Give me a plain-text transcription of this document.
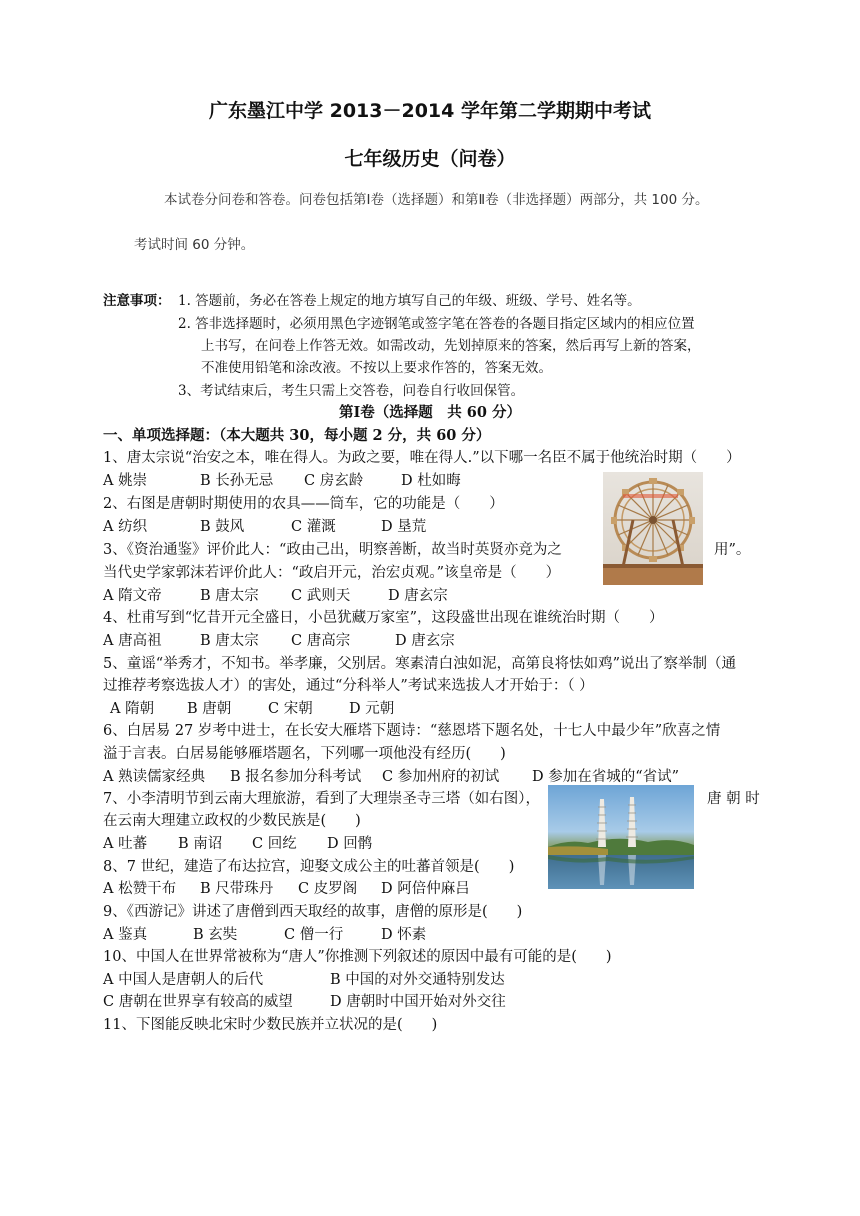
广东墨江中学 2013－2014 学年第二学期期中考试
七年级历史（问卷）
本试卷分问卷和答卷。问卷包括第Ⅰ卷（选择题）和第Ⅱ卷（非选择题）两部分，共 100 分。
考试时间 60 分钟。
注意事项： 1. 答题前，务必在答卷上规定的地方填写自己的年级、班级、学号、姓名等。
2. 答非选择题时，必须用黑色字迹钢笔或签字笔在答卷的各题目指定区域内的相应位置
上书写，在问卷上作答无效。如需改动，先划掉原来的答案，然后再写上新的答案，
不准使用铅笔和涂改液。不按以上要求作答的，答案无效。
3、考试结束后，考生只需上交答卷，问卷自行收回保管。
第Ⅰ卷（选择题　共 60 分）
一、单项选择题：（本大题共 30，每小题 2 分，共 60 分）
1、唐太宗说“治安之本，唯在得人。为政之要，唯在得人.”以下哪一名臣不属于他统治时期（　　）
A 姚崇	B 长孙无忌 C 房玄龄	D 杜如晦
2、右图是唐朝时期使用的农具——筒车，它的功能是（　　）
A 纺织	B 鼓风	C 灌溉	D 垦荒
3、《资治通鉴》评价此人：“政由己出，明察善断，故当时英贤亦竞为之	用”。
当代史学家郭沫若评价此人：“政启开元，治宏贞观。”该皇帝是（　　）
A 隋文帝	B 唐太宗 C 武则天	D 唐玄宗
4、杜甫写到“忆昔开元全盛日，小邑犹藏万家室”，这段盛世出现在谁统治时期（　　）
A 唐高祖	B 唐太宗 C 唐高宗	D 唐玄宗
5、童谣“举秀才，不知书。举孝廉，父别居。寒素清白浊如泥，高第良将怯如鸡”说出了察举制（通
过推荐考察选拔人才）的害处，通过“分科举人”考试来选拔人才开始于：（ ）
A 隋朝 B 唐朝	C 宋朝	D 元朝
6、白居易 27 岁考中进士，在长安大雁塔下题诗：“慈恩塔下题名处，十七人中最少年”欣喜之情
溢于言表。白居易能够雁塔题名，下列哪一项他没有经历(　　)
A 熟读儒家经典 B 报名参加分科考试 C 参加州府的初试 D 参加在省城的“省试”
7、小李清明节到云南大理旅游，看到了大理崇圣寺三塔（如右图），	唐 朝 时
在云南大理建立政权的少数民族是(　　)
A 吐蕃 B 南诏 C 回纥 D 回鹘
8、7 世纪，建造了布达拉宫，迎娶文成公主的吐蕃首领是(　　)
A 松赞干布 B 尺带珠丹 C 皮罗阁 D 阿倍仲麻吕
9、《西游记》讲述了唐僧到西天取经的故事，唐僧的原形是(　　)
A 鉴真	B 玄奘	C 僧一行	D 怀素
10、中国人在世界常被称为“唐人”你推测下列叙述的原因中最有可能的是(　　)
A 中国人是唐朝人的后代	B 中国的对外交通特别发达
C 唐朝在世界享有较高的威望	D 唐朝时中国开始对外交往
11、下图能反映北宋时少数民族并立状况的是(　　)
